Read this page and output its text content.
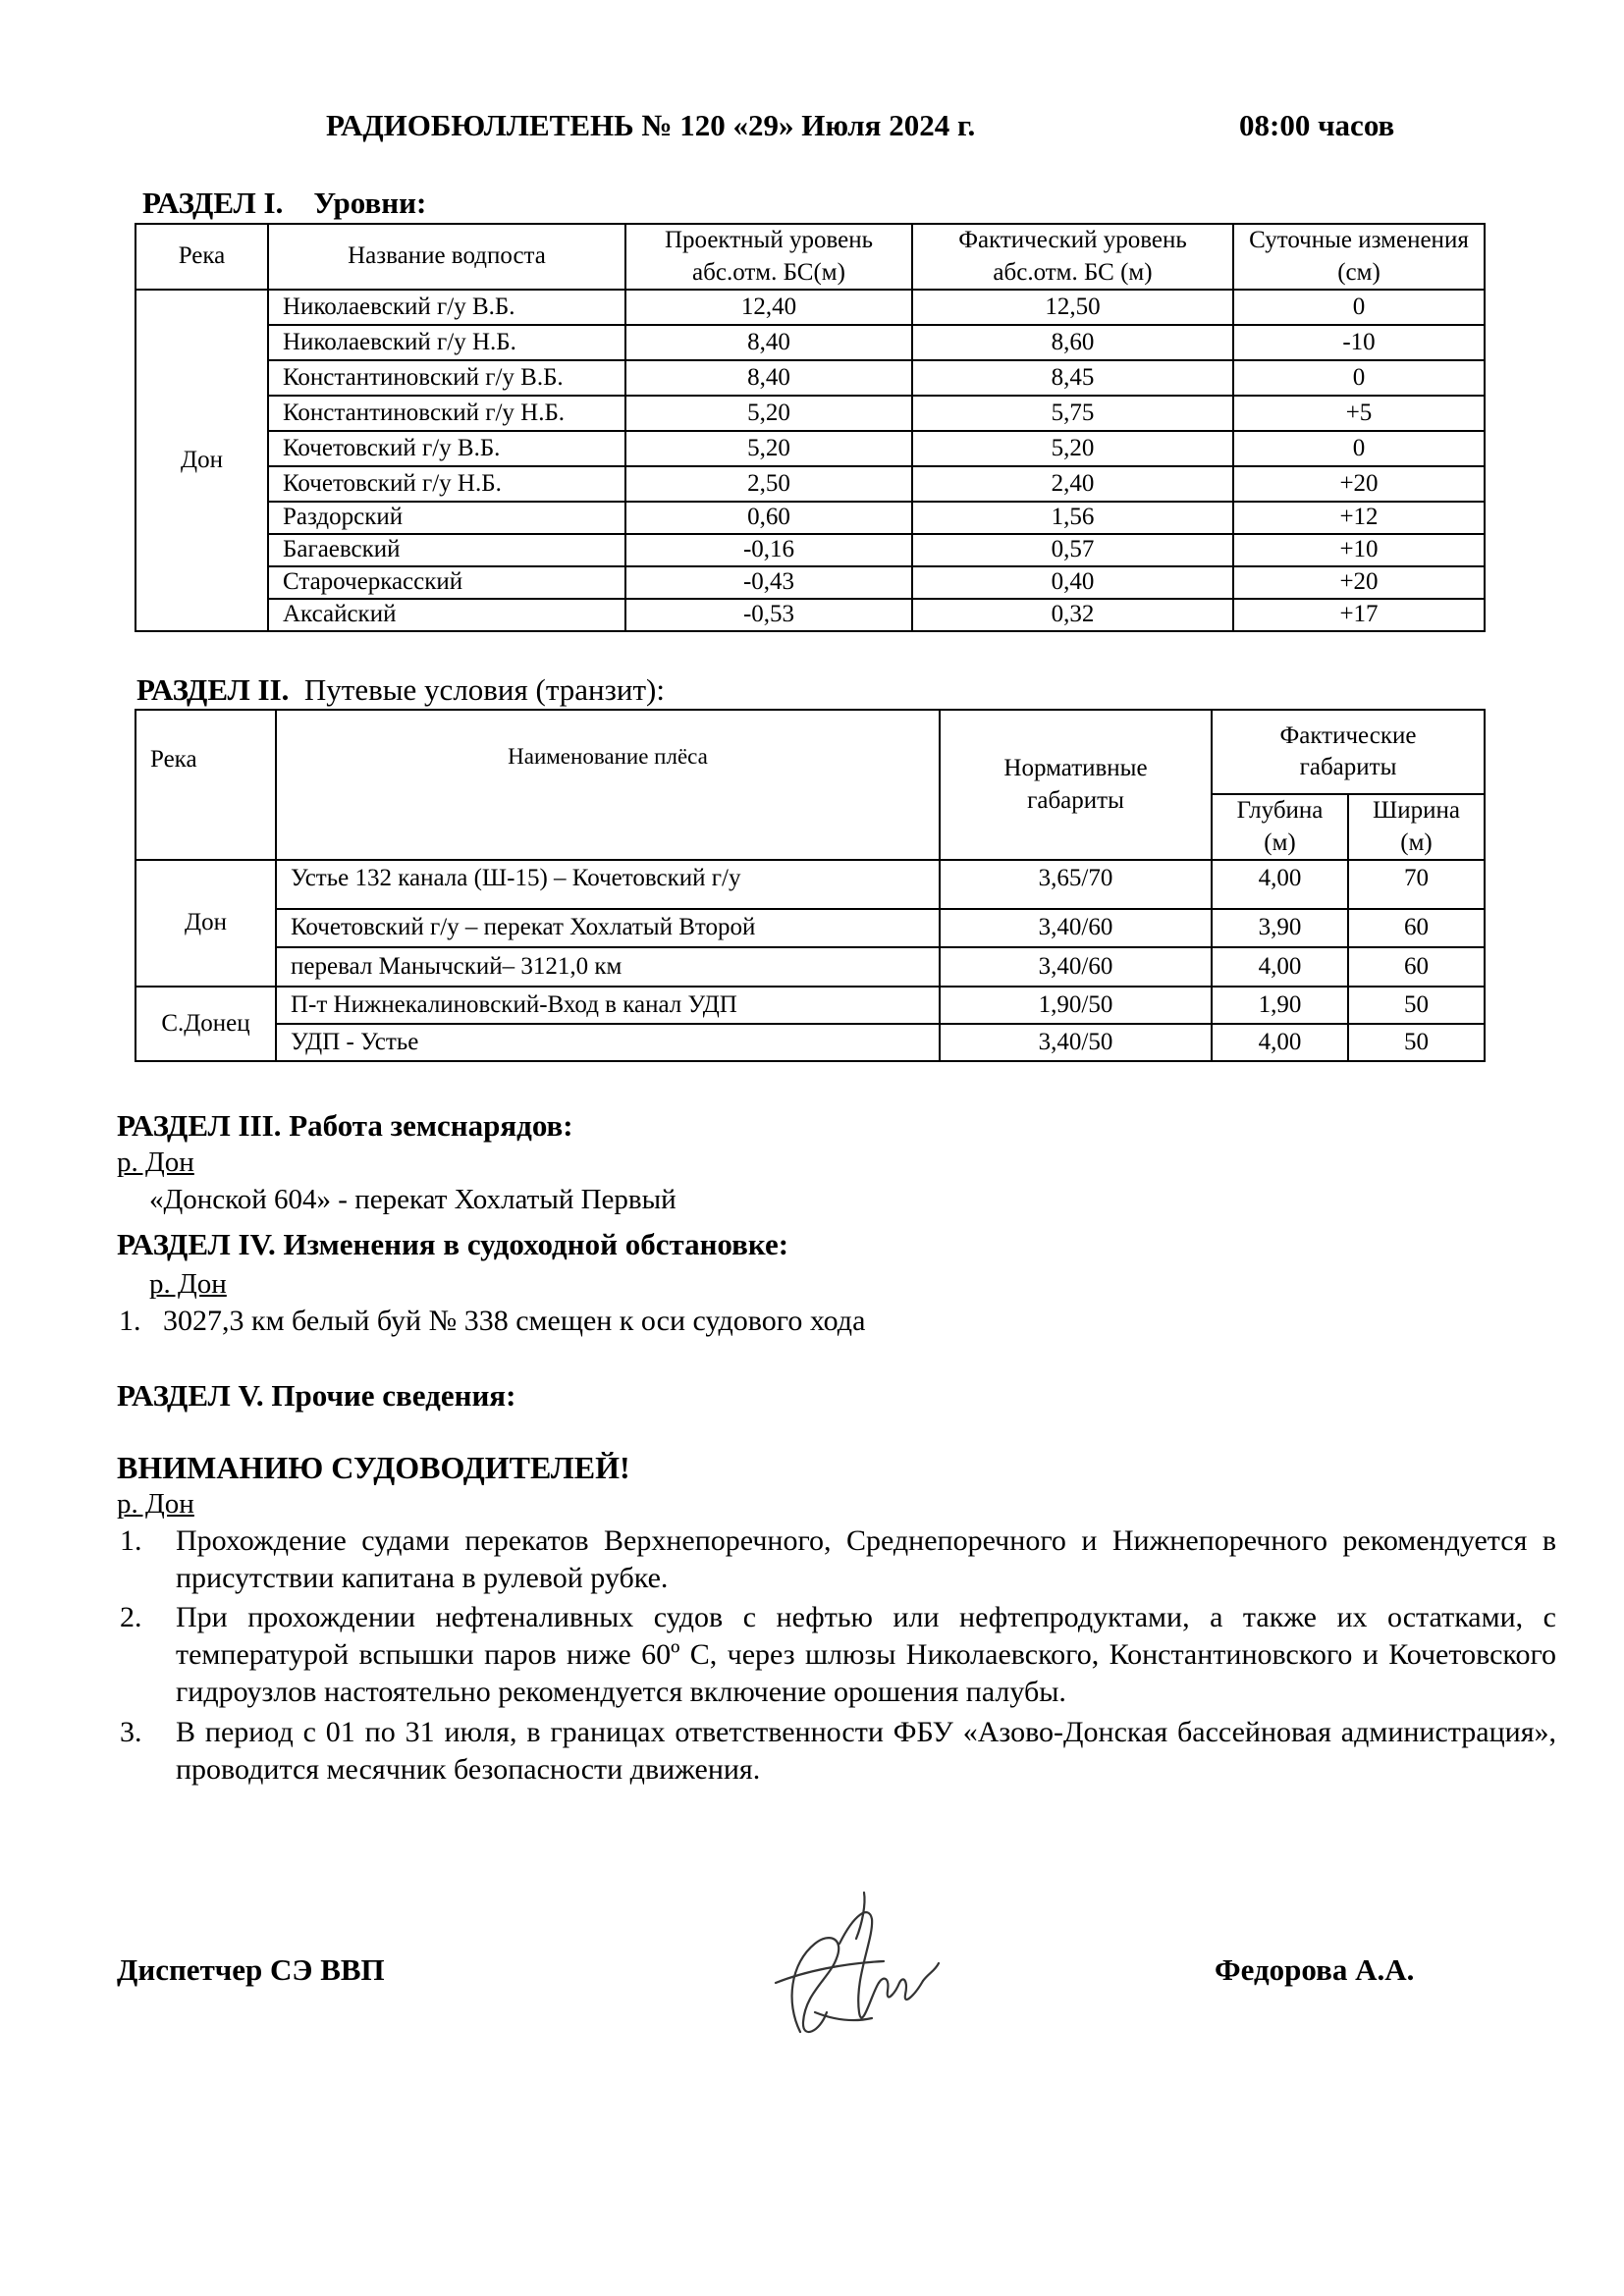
РАДИОБЮЛЛЕТЕНЬ № 120 «29» Июля 2024 г.	08:00 часов
РАЗДЕЛ I. Уровни:
Река	Название водпоста	Проектный уровень абс.отм. БС(м)	Фактический уровень абс.отм. БС (м)	Суточные изменения (см)
Дон	Николаевский г/у В.Б.	12,40	12,50	0
	Николаевский г/у Н.Б.	8,40	8,60	-10
	Константиновский г/у В.Б.	8,40	8,45	0
	Константиновский г/у Н.Б.	5,20	5,75	+5
	Кочетовский г/у В.Б.	5,20	5,20	0
	Кочетовский г/у Н.Б.	2,50	2,40	+20
	Раздорский	0,60	1,56	+12
	Багаевский	-0,16	0,57	+10
	Старочеркасский	-0,43	0,40	+20
	Аксайский	-0,53	0,32	+17
РАЗДЕЛ II. Путевые условия (транзит):
Река	Наименование плёса	Нормативные габариты	Фактические габариты	
			Глубина (м)	Ширина (м)
Дон	Устье 132 канала (Ш-15) – Кочетовский г/у	3,65/70	4,00	70
	Кочетовский г/у – перекат Хохлатый Второй	3,40/60	3,90	60
	перевал Манычский– 3121,0 км	3,40/60	4,00	60
С.Донец	П-т Нижнекалиновский-Вход в канал УДП	1,90/50	1,90	50
	УДП - Устье	3,40/50	4,00	50
РАЗДЕЛ III. Работа земснарядов:
р. Дон
«Донской 604» - перекат Хохлатый Первый
РАЗДЕЛ IV. Изменения в судоходной обстановке:
р. Дон
1. 3027,3 км белый буй № 338 смещен к оси судового хода
РАЗДЕЛ V. Прочие сведения:
ВНИМАНИЮ СУДОВОДИТЕЛЕЙ!
р. Дон
1. Прохождение судами перекатов Верхнепоречного, Среднепоречного и Нижнепоречного рекомендуется в присутствии капитана в рулевой рубке.
2. При прохождении нефтеналивных судов с нефтью или нефтепродуктами, а также их остатками, с температурой вспышки паров ниже 60º С, через шлюзы Николаевского, Константиновского и Кочетовского гидроузлов настоятельно рекомендуется включение орошения палубы.
3. В период с 01 по 31 июля, в границах ответственности ФБУ «Азово-Донская бассейновая администрация», проводится месячник безопасности движения.
Диспетчер СЭ ВВП	Федорова А.А.
